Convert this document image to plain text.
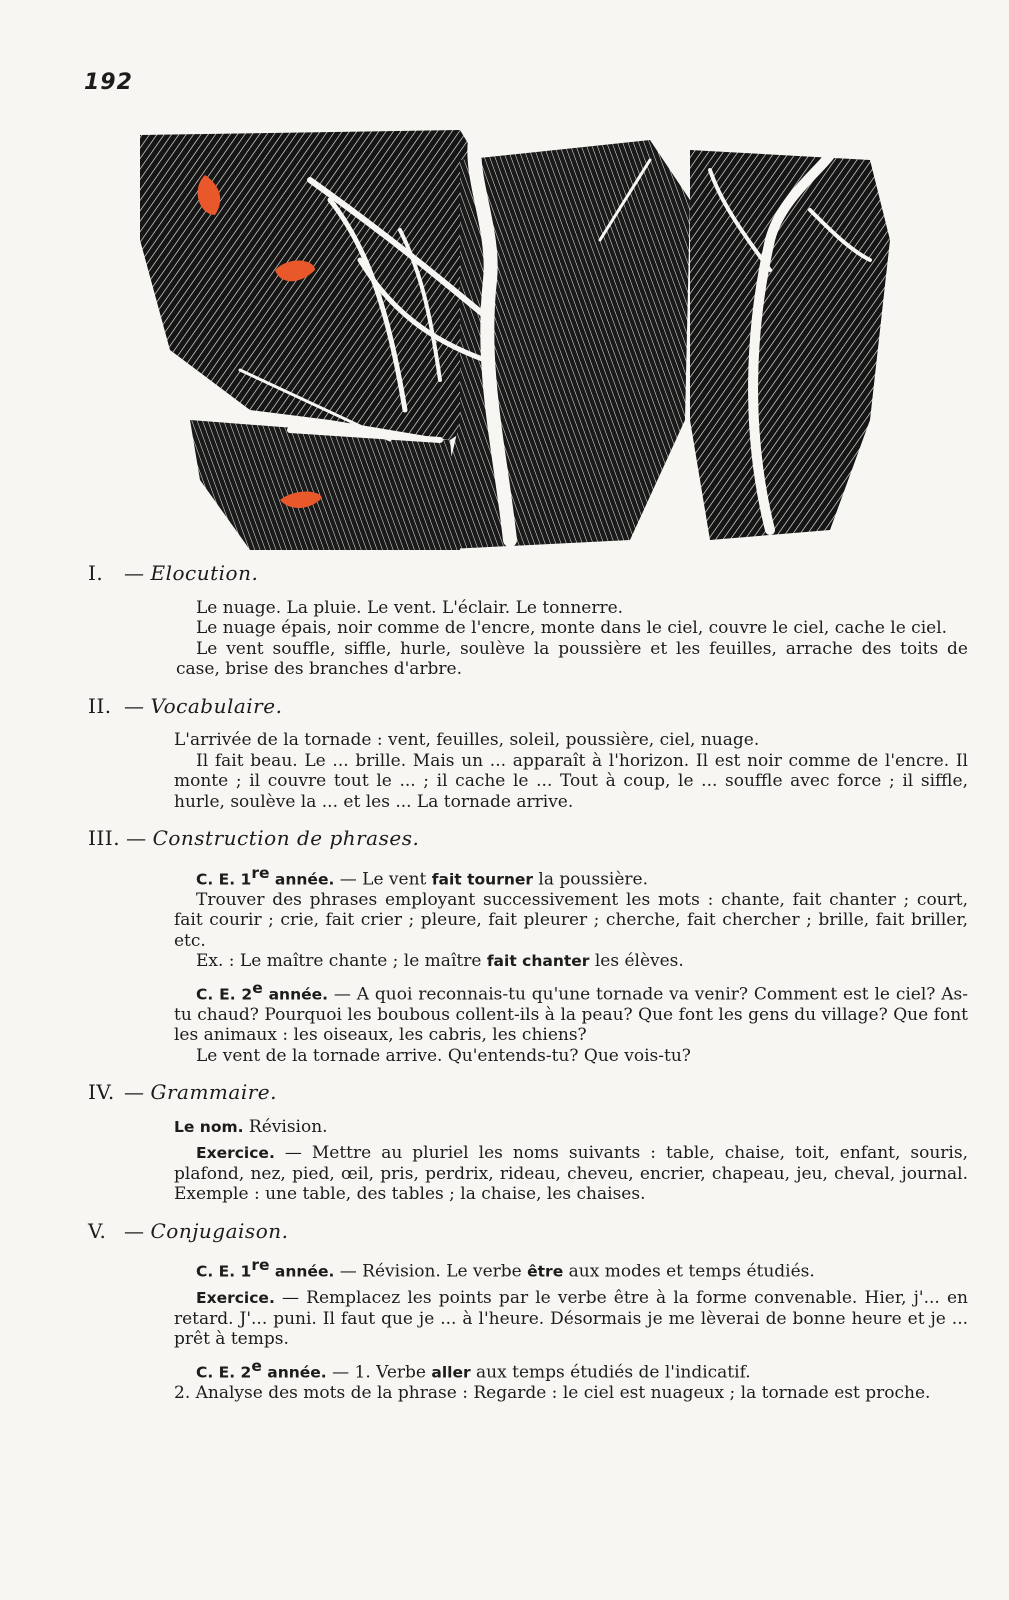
192
I. — Elocution.
Le nuage. La pluie. Le vent. L'éclair. Le tonnerre.
Le nuage épais, noir comme de l'encre, monte dans le ciel, couvre le ciel, cache le ciel.
Le vent souffle, siffle, hurle, soulève la poussière et les feuilles, arrache des toits de case, brise des branches d'arbre.
II. — Vocabulaire.
L'arrivée de la tornade : vent, feuilles, soleil, poussière, ciel, nuage.
Il fait beau. Le ... brille. Mais un ... apparaît à l'horizon. Il est noir comme de l'encre. Il monte ; il couvre tout le ... ; il cache le ... Tout à coup, le ... souffle avec force ; il siffle, hurle, soulève la ... et les ... La tornade arrive.
III. — Construction de phrases.
C. E. 1re année. — Le vent fait tourner la poussière.
Trouver des phrases employant successivement les mots : chante, fait chanter ; court, fait courir ; crie, fait crier ; pleure, fait pleurer ; cherche, fait chercher ; brille, fait briller, etc.
Ex. : Le maître chante ; le maître fait chanter les élèves.
C. E. 2e année. — A quoi reconnais-tu qu'une tornade va venir? Comment est le ciel? As-tu chaud? Pourquoi les boubous collent-ils à la peau? Que font les gens du village? Que font les animaux : les oiseaux, les cabris, les chiens?
Le vent de la tornade arrive. Qu'entends-tu? Que vois-tu?
IV. — Grammaire.
Le nom. Révision.
Exercice. — Mettre au pluriel les noms suivants : table, chaise, toit, enfant, souris, plafond, nez, pied, œil, pris, perdrix, rideau, cheveu, encrier, chapeau, jeu, cheval, journal. Exemple : une table, des tables ; la chaise, les chaises.
V. — Conjugaison.
C. E. 1re année. — Révision. Le verbe être aux modes et temps étudiés.
Exercice. — Remplacez les points par le verbe être à la forme convenable. Hier, j'... en retard. J'... puni. Il faut que je ... à l'heure. Désormais je me lèverai de bonne heure et je ... prêt à temps.
C. E. 2e année. — 1. Verbe aller aux temps étudiés de l'indicatif.
2. Analyse des mots de la phrase : Regarde : le ciel est nuageux ; la tornade est proche.
